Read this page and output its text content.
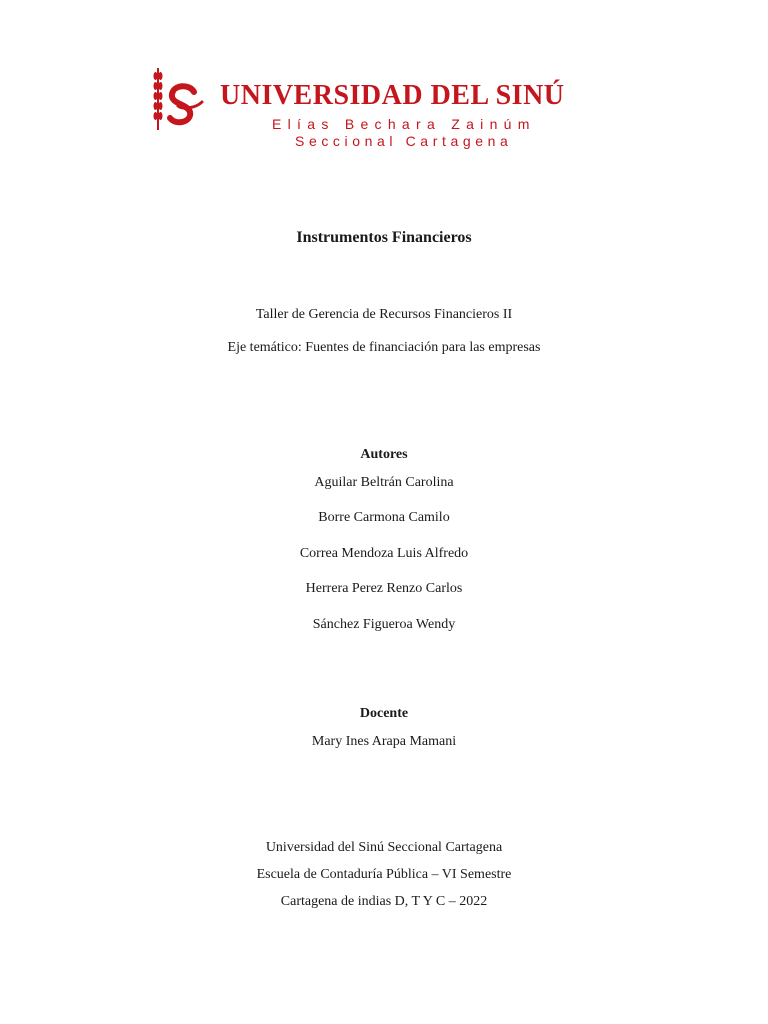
UNIVERSIDAD DEL SINÚ
Elías Bechara Zainúm
Seccional Cartagena
Instrumentos Financieros
Taller de Gerencia de Recursos Financieros II
Eje temático: Fuentes de financiación para las empresas
Autores
Aguilar Beltrán Carolina
Borre Carmona Camilo
Correa Mendoza Luis Alfredo
Herrera Perez Renzo Carlos
Sánchez Figueroa Wendy
Docente
Mary Ines Arapa Mamani
Universidad del Sinú Seccional Cartagena
Escuela de Contaduría Pública – VI Semestre
Cartagena de indias D, T Y C – 2022
